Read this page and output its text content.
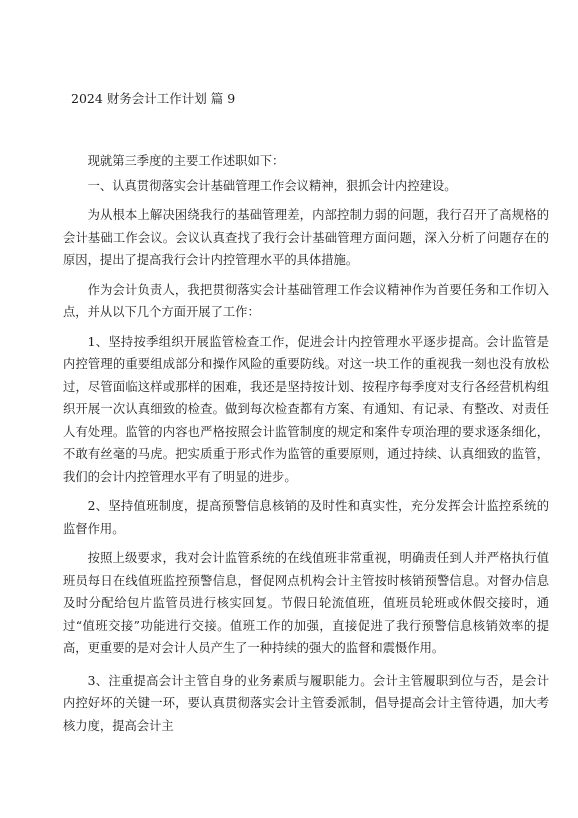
2024 财务会计工作计划 篇 9

现就第三季度的主要工作述职如下：

一、认真贯彻落实会计基础管理工作会议精神，狠抓会计内控建设。

为从根本上解决困绕我行的基础管理差，内部控制力弱的问题，我行召开了高规格的会计基础工作会议。会议认真查找了我行会计基础管理方面问题，深入分析了问题存在的原因，提出了提高我行会计内控管理水平的具体措施。

作为会计负责人，我把贯彻落实会计基础管理工作会议精神作为首要任务和工作切入点，并从以下几个方面开展了工作：

1、坚持按季组织开展监管检查工作，促进会计内控管理水平逐步提高。会计监管是内控管理的重要组成部分和操作风险的重要防线。对这一块工作的重视我一刻也没有放松过，尽管面临这样或那样的困难，我还是坚持按计划、按程序每季度对支行各经营机构组织开展一次认真细致的检查。做到每次检查都有方案、有通知、有记录、有整改、对责任人有处理。监管的内容也严格按照会计监管制度的规定和案件专项治理的要求逐条细化，不敢有丝毫的马虎。把实质重于形式作为监管的重要原则，通过持续、认真细致的监管，我们的会计内控管理水平有了明显的进步。

2、坚持值班制度，提高预警信息核销的及时性和真实性，充分发挥会计监控系统的监督作用。

按照上级要求，我对会计监管系统的在线值班非常重视，明确责任到人并严格执行值班员每日在线值班监控预警信息，督促网点机构会计主管按时核销预警信息。对督办信息及时分配给包片监管员进行核实回复。节假日轮流值班，值班员轮班或休假交接时，通过“值班交接”功能进行交接。值班工作的加强，直接促进了我行预警信息核销效率的提高，更重要的是对会计人员产生了一种持续的强大的监督和震慑作用。

3、注重提高会计主管自身的业务素质与履职能力。会计主管履职到位与否，是会计内控好坏的关键一环，要认真贯彻落实会计主管委派制，倡导提高会计主管待遇，加大考核力度，提高会计主
